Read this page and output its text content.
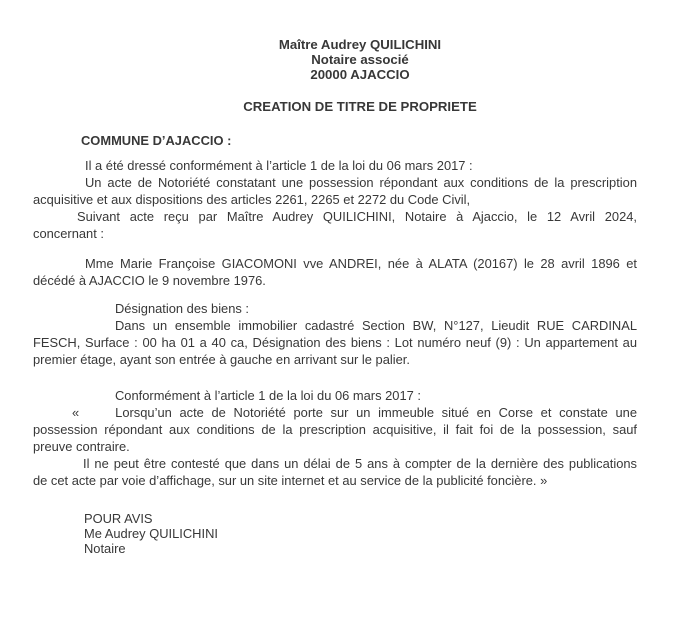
Maître Audrey QUILICHINI
Notaire associé
20000 AJACCIO
CREATION DE TITRE DE PROPRIETE
COMMUNE D’AJACCIO :
Il a été dressé conformément à l’article 1 de la loi du 06 mars 2017 :
Un acte de Notoriété constatant une possession répondant aux conditions de la prescription
acquisitive et aux dispositions des articles 2261, 2265 et 2272 du Code Civil,
Suivant acte reçu par Maître Audrey QUILICHINI, Notaire à Ajaccio, le 12 Avril 2024,
concernant :
Mme Marie Françoise GIACOMONI vve ANDREI, née à ALATA (20167) le 28 avril 1896 et
décédé à AJACCIO le 9 novembre 1976.
Désignation des biens :
Dans un ensemble immobilier cadastré Section BW, N°127, Lieudit RUE CARDINAL
FESCH, Surface : 00 ha 01 a 40 ca, Désignation des biens : Lot numéro neuf (9) : Un appartement au
premier étage, ayant son entrée à gauche en arrivant sur le palier.
Conformément à l’article 1 de la loi du 06 mars 2017 :
«	Lorsqu’un acte de Notoriété porte sur un immeuble situé en Corse et constate une
possession répondant aux conditions de la prescription acquisitive, il fait foi de la possession, sauf
preuve contraire.
Il ne peut être contesté que dans un délai de 5 ans à compter de la dernière des publications
de cet acte par voie d’affichage, sur un site internet et au service de la publicité foncière. »
POUR AVIS
Me Audrey QUILICHINI
Notaire
